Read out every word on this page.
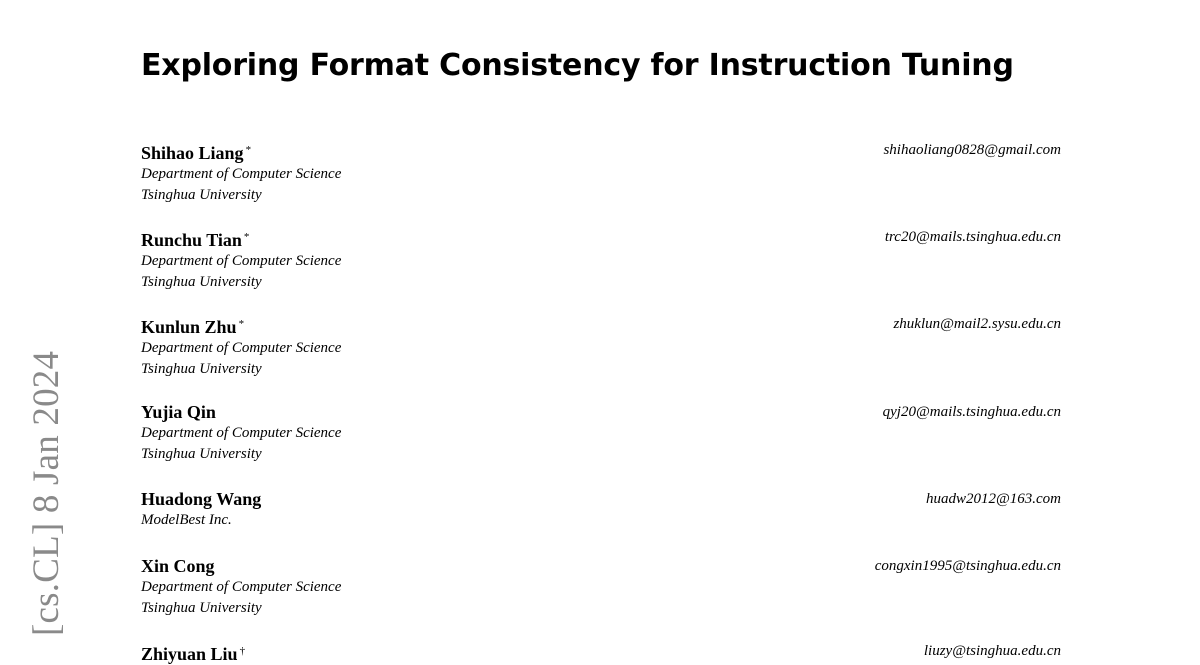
[cs.CL] 8 Jan 2024
Exploring Format Consistency for Instruction Tuning
Shihao Liang *
Department of Computer Science
Tsinghua University
shihaoliang0828@gmail.com
Runchu Tian *
Department of Computer Science
Tsinghua University
trc20@mails.tsinghua.edu.cn
Kunlun Zhu *
Department of Computer Science
Tsinghua University
zhuklun@mail2.sysu.edu.cn
Yujia Qin
Department of Computer Science
Tsinghua University
qyj20@mails.tsinghua.edu.cn
Huadong Wang
ModelBest Inc.
huadw2012@163.com
Xin Cong
Department of Computer Science
Tsinghua University
congxin1995@tsinghua.edu.cn
Zhiyuan Liu †	liuzy@tsinghua.edu.cn
